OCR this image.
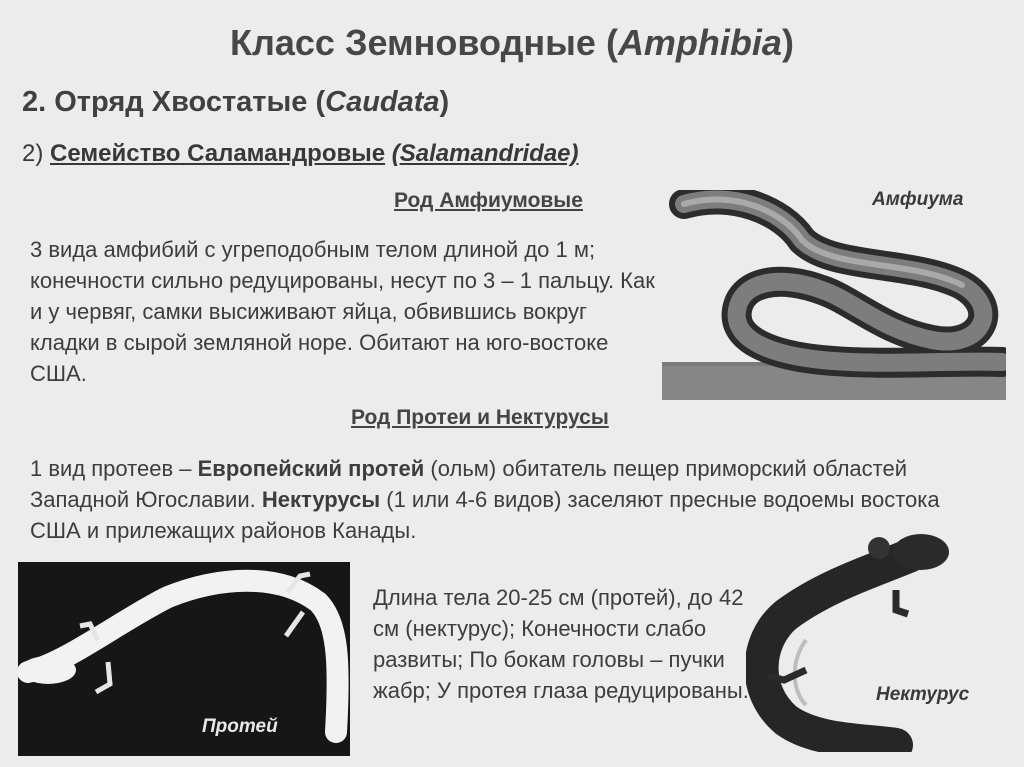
Класс Земноводные (Amphibia)
2. Отряд Хвостатые (Caudata)
2) Семейство Саламандровые (Salamandridae)
Род Амфиумовые
3 вида амфибий с угреподобным телом длиной до 1 м; конечности сильно редуцированы, несут по 3 – 1 пальцу. Как и у червяг, самки высиживают яйца, обвившись вокруг кладки в сырой земляной норе. Обитают на юго-востоке США.
Род Протеи и Нектурусы
1 вид протеев – Европейский протей (ольм) обитатель пещер приморский областей Западной Югославии. Нектурусы (1 или 4-6 видов) заселяют пресные водоемы востока США и прилежащих районов Канады.
Длина тела 20-25 см (протей), до 42 см (нектурус); Конечности слабо развиты; По бокам головы – пучки жабр; У протея глаза редуцированы.
Амфиума
Протей
Нектурус
